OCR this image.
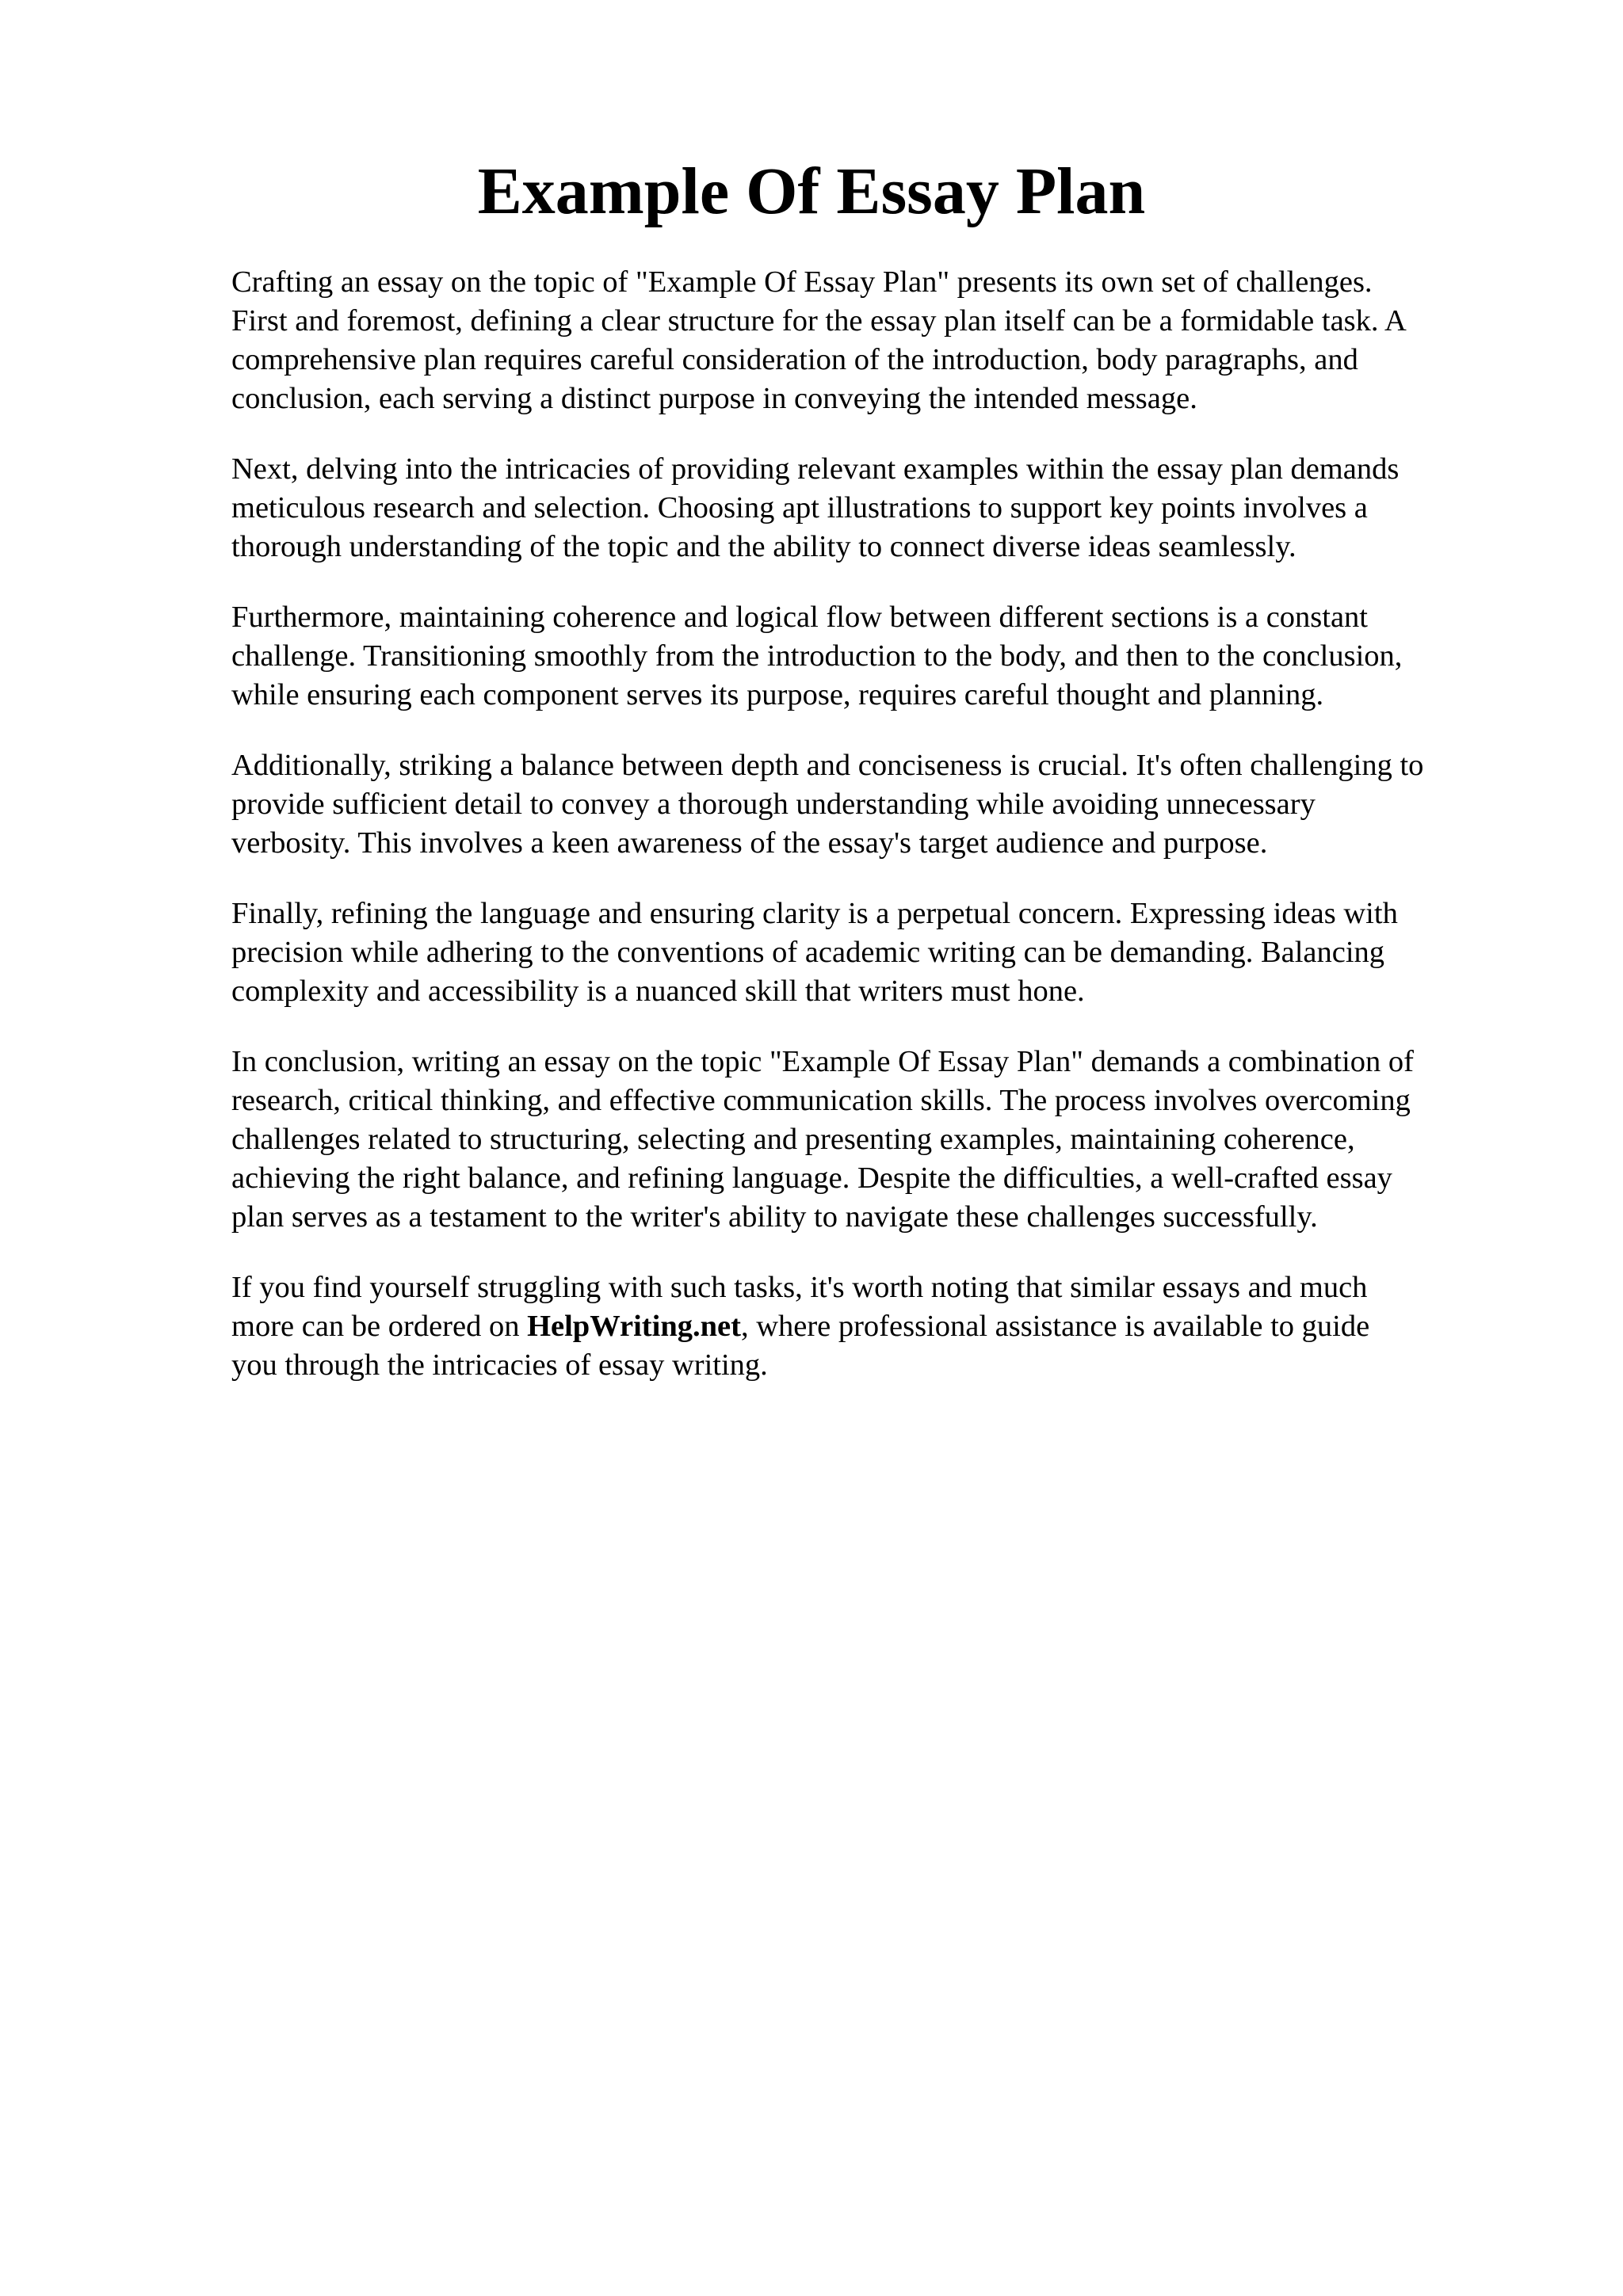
Example Of Essay Plan

Crafting an essay on the topic of "Example Of Essay Plan" presents its own set of challenges.
First and foremost, defining a clear structure for the essay plan itself can be a formidable task. A
comprehensive plan requires careful consideration of the introduction, body paragraphs, and
conclusion, each serving a distinct purpose in conveying the intended message.

Next, delving into the intricacies of providing relevant examples within the essay plan demands
meticulous research and selection. Choosing apt illustrations to support key points involves a
thorough understanding of the topic and the ability to connect diverse ideas seamlessly.

Furthermore, maintaining coherence and logical flow between different sections is a constant
challenge. Transitioning smoothly from the introduction to the body, and then to the conclusion,
while ensuring each component serves its purpose, requires careful thought and planning.

Additionally, striking a balance between depth and conciseness is crucial. It's often challenging to
provide sufficient detail to convey a thorough understanding while avoiding unnecessary
verbosity. This involves a keen awareness of the essay's target audience and purpose.

Finally, refining the language and ensuring clarity is a perpetual concern. Expressing ideas with
precision while adhering to the conventions of academic writing can be demanding. Balancing
complexity and accessibility is a nuanced skill that writers must hone.

In conclusion, writing an essay on the topic "Example Of Essay Plan" demands a combination of
research, critical thinking, and effective communication skills. The process involves overcoming
challenges related to structuring, selecting and presenting examples, maintaining coherence,
achieving the right balance, and refining language. Despite the difficulties, a well-crafted essay
plan serves as a testament to the writer's ability to navigate these challenges successfully.

If you find yourself struggling with such tasks, it's worth noting that similar essays and much
more can be ordered on HelpWriting.net, where professional assistance is available to guide
you through the intricacies of essay writing.
